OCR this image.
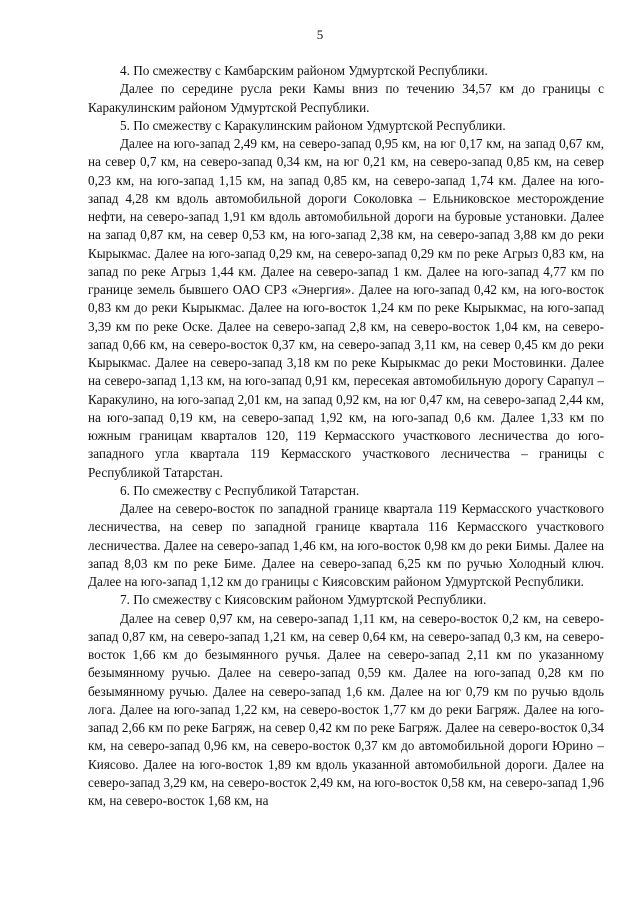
5

4. По смежеству с Камбарским районом Удмуртской Республики.

Далее по середине русла реки Камы вниз по течению 34,57 км до границы с Каракулинским районом Удмуртской Республики.

5. По смежеству с Каракулинским районом Удмуртской Республики.

Далее на юго-запад 2,49 км, на северо-запад 0,95 км, на юг 0,17 км, на запад 0,67 км, на север 0,7 км, на северо-запад 0,34 км, на юг 0,21 км, на северо-запад 0,85 км, на север 0,23 км, на юго-запад 1,15 км, на запад 0,85 км, на северо-запад 1,74 км. Далее на юго-запад 4,28 км вдоль автомобильной дороги Соколовка – Ельниковское месторождение нефти, на северо-запад 1,91 км вдоль автомобильной дороги на буровые установки. Далее на запад 0,87 км, на север 0,53 км, на юго-запад 2,38 км, на северо-запад 3,88 км до реки Кырыкмас. Далее на юго-запад 0,29 км, на северо-запад 0,29 км по реке Агрыз 0,83 км, на запад по реке Агрыз 1,44 км. Далее на северо-запад 1 км. Далее на юго-запад 4,77 км по границе земель бывшего ОАО СРЗ «Энергия». Далее на юго-запад 0,42 км, на юго-восток 0,83 км до реки Кырыкмас. Далее на юго-восток 1,24 км по реке Кырыкмас, на юго-запад 3,39 км по реке Оске. Далее на северо-запад 2,8 км, на северо-восток 1,04 км, на северо-запад 0,66 км, на северо-восток 0,37 км, на северо-запад 3,11 км, на север 0,45 км до реки Кырыкмас. Далее на северо-запад 3,18 км по реке Кырыкмас до реки Мостовинки. Далее на северо-запад 1,13 км, на юго-запад 0,91 км, пересекая автомобильную дорогу Сарапул – Каракулино, на юго-запад 2,01 км, на запад 0,92 км, на юг 0,47 км, на северо-запад 2,44 км, на юго-запад 0,19 км, на северо-запад 1,92 км, на юго-запад 0,6 км. Далее 1,33 км по южным границам кварталов 120, 119 Кермасского участкового лесничества до юго-западного угла квартала 119 Кермасского участкового лесничества – границы с Республикой Татарстан.

6. По смежеству с Республикой Татарстан.

Далее на северо-восток по западной границе квартала 119 Кермасского участкового лесничества, на север по западной границе квартала 116 Кермасского участкового лесничества. Далее на северо-запад 1,46 км, на юго-восток 0,98 км до реки Бимы. Далее на запад 8,03 км по реке Биме. Далее на северо-запад 6,25 км по ручью Холодный ключ. Далее на юго-запад 1,12 км до границы с Киясовским районом Удмуртской Республики.

7. По смежеству с Киясовским районом Удмуртской Республики.

Далее на север 0,97 км, на северо-запад 1,11 км, на северо-восток 0,2 км, на северо-запад 0,87 км, на северо-запад 1,21 км, на север 0,64 км, на северо-запад 0,3 км, на северо-восток 1,66 км до безымянного ручья. Далее на северо-запад 2,11 км по указанному безымянному ручью. Далее на северо-запад 0,59 км. Далее на юго-запад 0,28 км по безымянному ручью. Далее на северо-запад 1,6 км. Далее на юг 0,79 км по ручью вдоль лога. Далее на юго-запад 1,22 км, на северо-восток 1,77 км до реки Багряж. Далее на юго-запад 2,66 км по реке Багряж, на север 0,42 км по реке Багряж. Далее на северо-восток 0,34 км, на северо-запад 0,96 км, на северо-восток 0,37 км до автомобильной дороги Юрино – Киясово. Далее на юго-восток 1,89 км вдоль указанной автомобильной дороги. Далее на северо-запад 3,29 км, на северо-восток 2,49 км, на юго-восток 0,58 км, на северо-запад 1,96 км, на северо-восток 1,68 км, на
